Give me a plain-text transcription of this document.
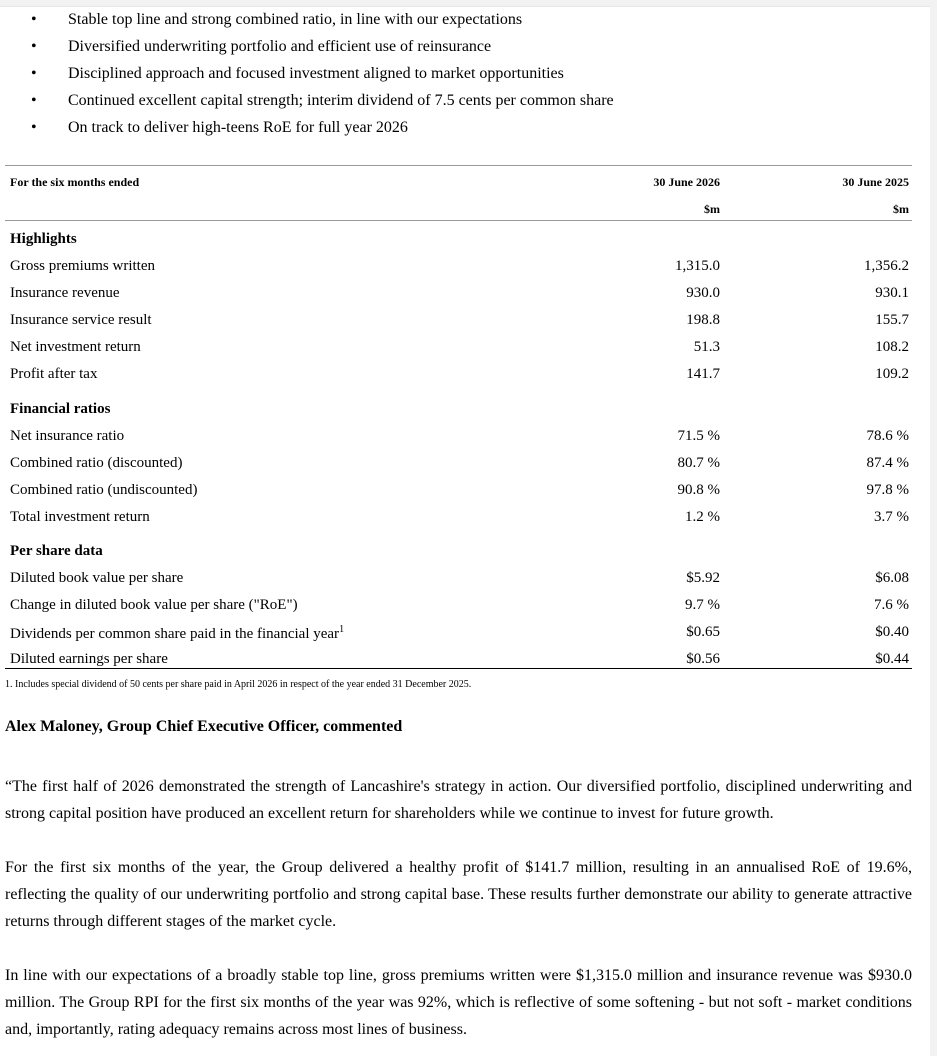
• Stable top line and strong combined ratio, in line with our expectations
• Diversified underwriting portfolio and efficient use of reinsurance
• Disciplined approach and focused investment aligned to market opportunities
• Continued excellent capital strength; interim dividend of 7.5 cents per common share
• On track to deliver high-teens RoE for full year 2026
For the six months ended	30 June 2026	30 June 2025
$m	$m
Highlights
Gross premiums written	1,315.0	1,356.2
Insurance revenue	930.0	930.1
Insurance service result	198.8	155.7
Net investment return	51.3	108.2
Profit after tax	141.7	109.2
Financial ratios
Net insurance ratio	71.5 %	78.6 %
Combined ratio (discounted)	80.7 %	87.4 %
Combined ratio (undiscounted)	90.8 %	97.8 %
Total investment return	1.2 %	3.7 %
Per share data
Diluted book value per share	$5.92	$6.08
Change in diluted book value per share ("RoE")	9.7 %	7.6 %
Dividends per common share paid in the financial year$^1$	$0.65	$0.40
Diluted earnings per share	$0.56	$0.44
1. Includes special dividend of 50 cents per share paid in April 2026 in respect of the year ended 31 December 2025.
Alex Maloney, Group Chief Executive Officer, commented

“The first half of 2026 demonstrated the strength of Lancashire's strategy in action. Our diversified portfolio, disciplined underwriting and strong capital position have produced an excellent return for shareholders while we continue to invest for future growth.

For the first six months of the year, the Group delivered a healthy profit of $141.7 million, resulting in an annualised RoE of 19.6%, reflecting the quality of our underwriting portfolio and strong capital base. These results further demonstrate our ability to generate attractive returns through different stages of the market cycle.

In line with our expectations of a broadly stable top line, gross premiums written were $1,315.0 million and insurance revenue was $930.0 million. The Group RPI for the first six months of the year was 92%, which is reflective of some softening - but not soft - market conditions and, importantly, rating adequacy remains across most lines of business.
